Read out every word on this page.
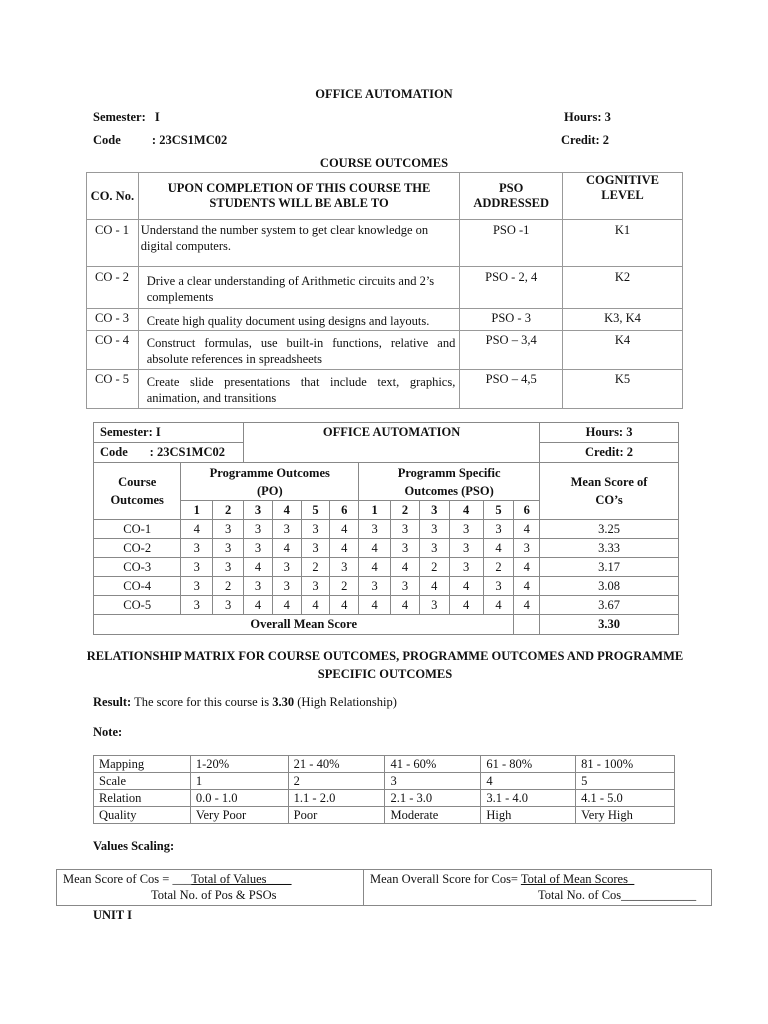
OFFICE AUTOMATION
Semester: I	Hours: 3
Code : 23CS1MC02	Credit: 2
COURSE OUTCOMES
CO. No.	UPON COMPLETION OF THIS COURSE THE STUDENTS WILL BE ABLE TO	PSO ADDRESSED	COGNITIVE LEVEL
CO - 1	Understand the number system to get clear knowledge on digital computers.	PSO -1	K1
CO - 2	Drive a clear understanding of Arithmetic circuits and 2’s complements	PSO - 2, 4	K2
CO - 3	Create high quality document using designs and layouts.	PSO - 3	K3, K4
CO - 4	Construct formulas, use built-in functions, relative and absolute references in spreadsheets	PSO – 3,4	K4
CO - 5	Create slide presentations that include text, graphics, animation, and transitions	PSO – 4,5	K5
Semester: I			OFFICE AUTOMATION										Hours: 3
Code       : 23CS1MC02													Credit: 2
Course Outcomes	Programme Outcomes (PO)						Programm Specific Outcomes (PSO)						Mean Score of CO’s
	1	2	3	4	5	6	1	2	3	4	5	6	
CO-1	4	3	3	3	3	4	3	3	3	3	3	4	3.25
CO-2	3	3	3	4	3	4	4	3	3	3	4	3	3.33
CO-3	3	3	4	3	2	3	4	4	2	3	2	4	3.17
CO-4	3	2	3	3	3	2	3	3	4	4	3	4	3.08
CO-5	3	3	4	4	4	4	4	4	3	4	4	4	3.67
Overall Mean Score													3.30
RELATIONSHIP MATRIX FOR COURSE OUTCOMES, PROGRAMME OUTCOMES AND PROGRAMME SPECIFIC OUTCOMES
Result: The score for this course is 3.30 (High Relationship)
Note:
Mapping	1-20%	21 - 40%	41 - 60%	61 - 80%	81 - 100%
Scale	1	2	3	4	5
Relation	0.0 - 1.0	1.1 - 2.0	2.1 - 3.0	3.1 - 4.0	4.1 - 5.0
Quality	Very Poor	Poor	Moderate	High	Very High
Values Scaling:
Mean Score of Cos = ___Total of Values____
Total No. of Pos & PSOs

Mean Overall Score for Cos= Total of Mean Scores_
Total No. of Cos____________
UNIT I
